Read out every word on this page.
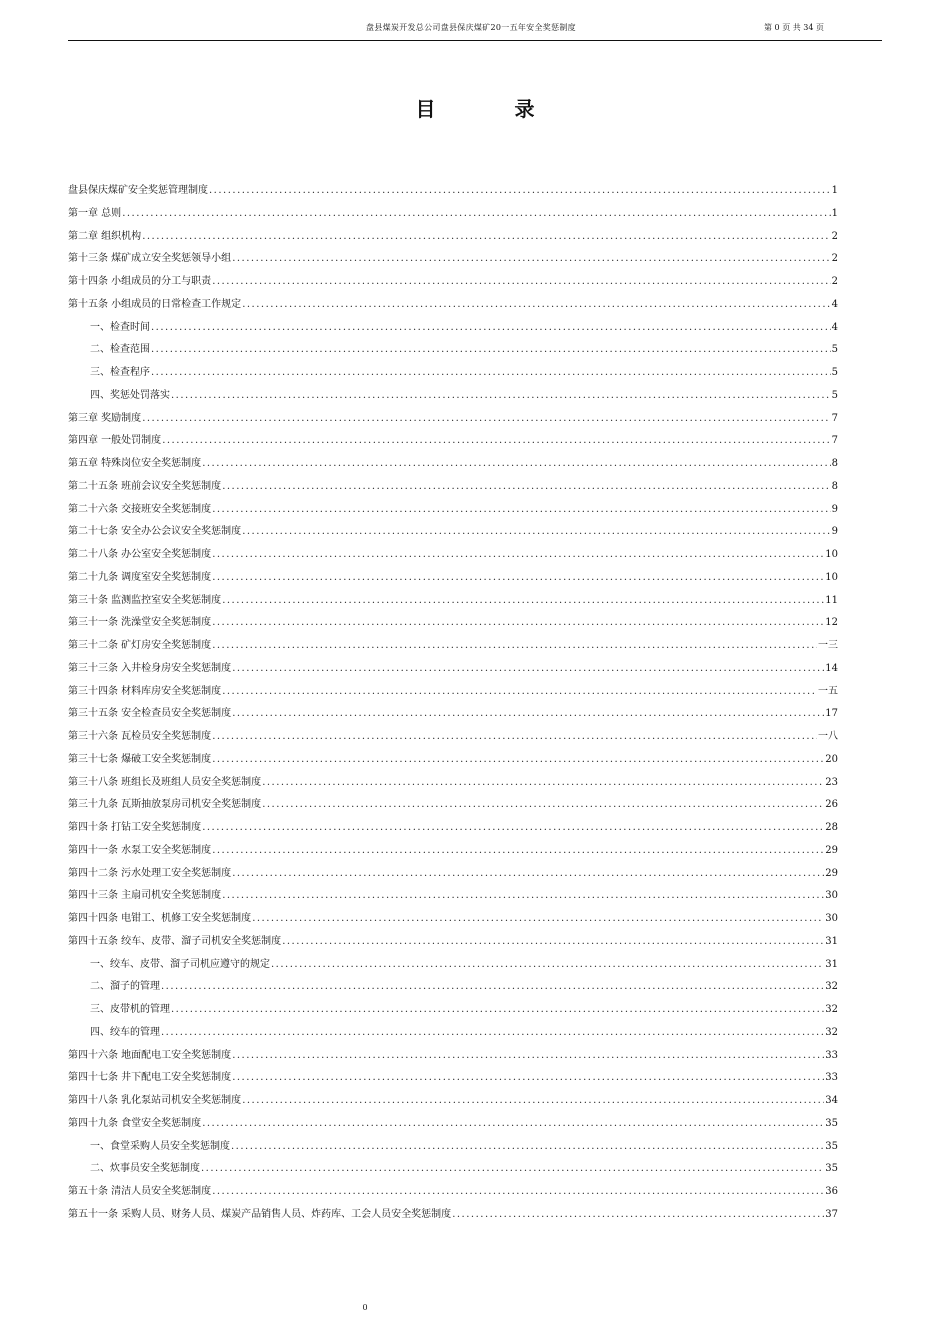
盘县煤炭开发总公司盘县保庆煤矿20一五年安全奖惩制度	第 0 页 共 34 页
目 录
盘县保庆煤矿安全奖惩管理制度 .....	1
第一章 总则 .....	1
第二章 组织机构 .....	2
第十三条 煤矿成立安全奖惩领导小组 .....	2
第十四条 小组成员的分工与职责 .....	2
第十五条 小组成员的日常检查工作规定 .....	4
一、检查时间 .....	4
二、检查范围 .....	5
三、检查程序 .....	5
四、奖惩处罚落实 .....	5
第三章 奖励制度 .....	7
第四章 一般处罚制度 .....	7
第五章 特殊岗位安全奖惩制度 .....	8
第二十五条 班前会议安全奖惩制度 .....	8
第二十六条 交接班安全奖惩制度 .....	9
第二十七条 安全办公会议安全奖惩制度 .....	9
第二十八条 办公室安全奖惩制度 .....	10
第二十九条 调度室安全奖惩制度 .....	10
第三十条 监测监控室安全奖惩制度 .....	11
第三十一条 洗澡堂安全奖惩制度 .....	12
第三十二条 矿灯房安全奖惩制度 .....	一三
第三十三条 入井检身房安全奖惩制度 .....	14
第三十四条 材料库房安全奖惩制度 .....	一五
第三十五条 安全检查员安全奖惩制度 .....	17
第三十六条 瓦检员安全奖惩制度 .....	一八
第三十七条 爆破工安全奖惩制度 .....	20
第三十八条 班组长及班组人员安全奖惩制度 .....	23
第三十九条 瓦斯抽放泵房司机安全奖惩制度 .....	26
第四十条 打钻工安全奖惩制度 .....	28
第四十一条 水泵工安全奖惩制度 .....	29
第四十二条 污水处理工安全奖惩制度 .....	29
第四十三条 主扇司机安全奖惩制度 .....	30
第四十四条 电钳工、机修工安全奖惩制度 .....	30
第四十五条 绞车、皮带、溜子司机安全奖惩制度 .....	31
一、绞车、皮带、溜子司机应遵守的规定 .....	31
二、溜子的管理 .....	32
三、皮带机的管理 .....	32
四、绞车的管理 .....	32
第四十六条 地面配电工安全奖惩制度 .....	33
第四十七条 井下配电工安全奖惩制度 .....	33
第四十八条 乳化泵站司机安全奖惩制度 .....	34
第四十九条 食堂安全奖惩制度 .....	35
一、食堂采购人员安全奖惩制度 .....	35
二、炊事员安全奖惩制度 .....	35
第五十条 清洁人员安全奖惩制度 .....	36
第五十一条 采购人员、财务人员、煤炭产品销售人员、炸药库、工会人员安全奖惩制度 .....	37
0
